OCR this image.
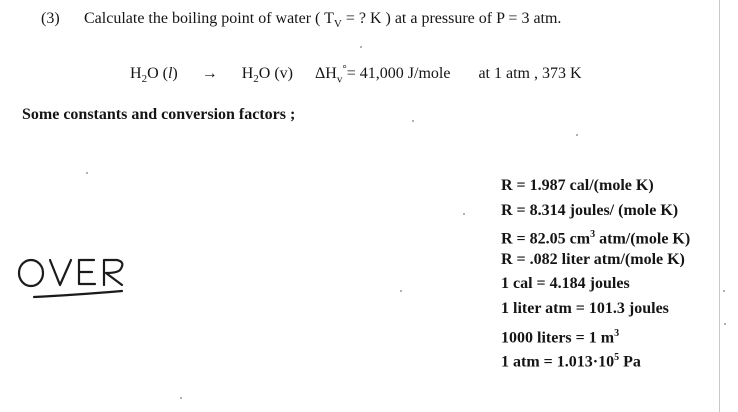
(3) Calculate the boiling point of water ( $T_V$ = ? K ) at a pressure of P = 3 atm.
$H_2O$ $(l) \to H_2O$ (v) $\Delta H_v^\circ= 41,000$ J/mole at 1 atm , 373 K
Some constants and conversion factors ;
R = 1.987 cal/(mole K)
R = 8.314 joules/ (mole K)
R = 82.05 $cm^3$ atm/(mole K)
R = .082 liter atm/(mole K)
1 cal = 4.184 joules
1 liter atm = 101.3 joules
1000 liters = 1 $m^3$
1 atm = $1.013\cdot 10^5$ Pa
